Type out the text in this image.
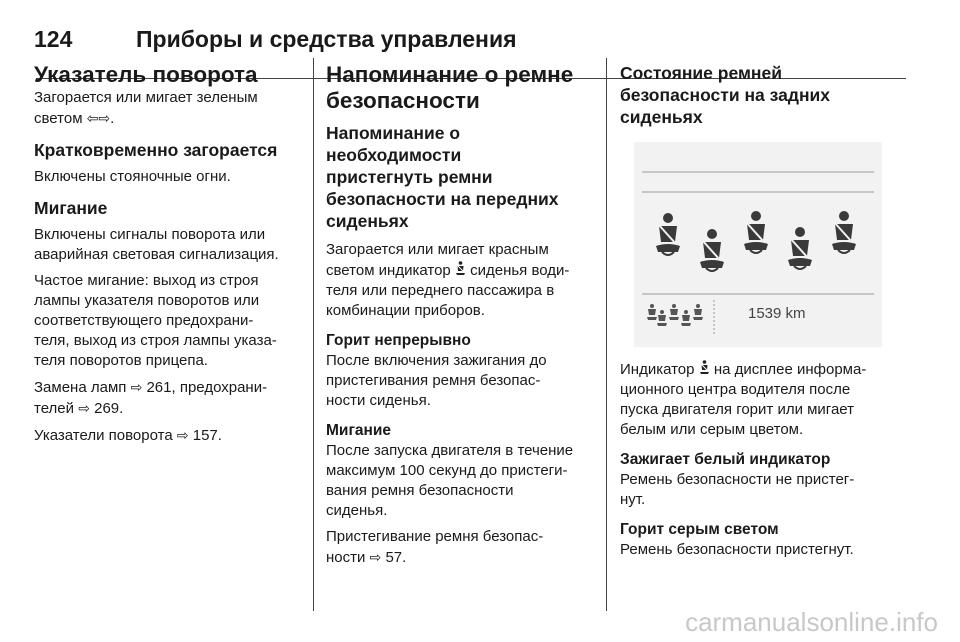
124	Приборы и средства управления
Указатель поворота

Загорается или мигает зеленым

светом ⇦⇨.

Кратковременно загорается

Включены стояночные огни.

Мигание

Включены сигналы поворота или

аварийная световая сигнализация.

Частое мигание: выход из строя

лампы указателя поворотов или

соответствующего предохрани-

теля, выход из строя лампы указа-

теля поворотов прицепа.

Замена ламп ⇨ 261, предохрани-

телей ⇨ 269.

Указатели поворота ⇨ 157.

Напоминание о ремне
безопасности
Напоминание о необходимости
пристегнуть ремни
безопасности на передних
сиденьях

Загорается или мигает красным

светом индикатор сиденья води-

теля или переднего пассажира в

комбинации приборов.

Горит непрерывно

После включения зажигания до

пристегивания ремня безопас-

ности сиденья.

Мигание

После запуска двигателя в течение

максимум 100 секунд до пристеги-

вания ремня безопасности

сиденья.

Пристегивание ремня безопас-

ности ⇨ 57.

Состояние ремней
безопасности на задних
сиденьях
1539 km

Индикатор на дисплее информа-

ционного центра водителя после

пуска двигателя горит или мигает

белым или серым цветом.

Зажигает белый индикатор

Ремень безопасности не пристег-

нут.

Горит серым светом

Ремень безопасности пристегнут.

carmanualsonline.info
